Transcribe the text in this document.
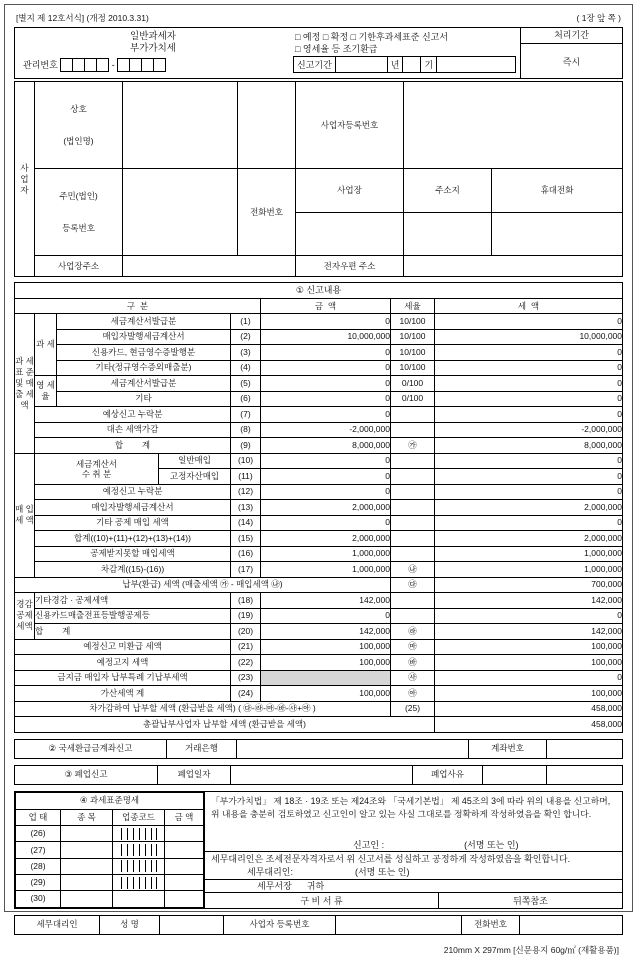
[별지 제 12호서식] (개정 2010.3.31)	( 1장 앞 쪽 )
일반과세자
부가가치세
관리번호	-
□ 예정 □ 확정 □ 기한후과세표준 신고서
□ 영세율 등 조기환급
신고기간	년	기
처리기간
즉시
사 업 자	상호

(법인명)			사업자등록번호		

	주민(법인)

등록번호		전화번호	사업장	주소지	휴대전화

	사업장주소			전자우편 주소		
① 신고내용							
구  분					금  액	세율	세  액
과 세 표 준 및 매 출 세 액	과 세	세금계산서발급분		(1)	0	10/100	0
		매입자발행세금계산서		(2)	10,000,000	10/100	10,000,000
		신용카드, 현금영수증발행분		(3)	0	10/100	0
		기타(정규영수증외매출분)		(4)	0	10/100	0
	영 세 율	세금계산서발급분		(5)	0	0/100	0
		기타		(6)	0	0/100	0
	예상신고 누락분			(7)	0		0
	대손 세액가감			(8)	-2,000,000		-2,000,000
	합        계			(9)	8,000,000	㉮	8,000,000
매 입 세 액	세금계산서
수 취 분		일반매입	(10)	0		0
			고정자산매입	(11)	0		0
	예정신고 누락분			(12)	0		0
	매입자발행세금계산서			(13)	2,000,000		2,000,000
	기타 공제 매입 세액			(14)	0		0
	합계((10)+(11)+(12)+(13)+(14))			(15)	2,000,000		2,000,000
	공제받지못할 매입세액			(16)	1,000,000		1,000,000
	차감계((15)-(16))			(17)	1,000,000	㉯	1,000,000
납부(환급) 세액 (매출세액 ㉮ - 매입세액 ㉯)						㉰	700,000
경감 공제 세액	기타경감 · 공제세액			(18)	142,000		142,000
	신용카드매출전표등발행공제등			(19)	0		0
	합        계			(20)	142,000	㉱	142,000
예정신고 미환급 세액				(21)	100,000	㉲	100,000
예정고지 세액				(22)	100,000	㉳	100,000
금지금 매입자 납부특례 기납부세액				(23)		㉴	0
가산세액 계				(24)	100,000	㉵	100,000
차가감하여 납부할 세액 (환급받을 세액) ( ㉰-㉱-㉲-㉳-㉴+㉵ )						(25)	458,000
총괄납부사업자 납부할 세액 (환급받을 세액)							458,000
② 국세환급금계좌신고	거래은행		계좌번호	
③ 폐업신고	폐업일자		폐업사유		
④ 과세표준명세			
업 태	종 목	업종코드	금 액
(26)		

(27)		

(28)		

(29)		

(30)			
「부가가치법」 제 18조 · 19조 또는 제24조와 「국세기본법」 제 45조의 3에 따라 위의 내용을 신고하며, 위 내용을 충분히 검토하였고 신고인이 알고 있는 사실 그대로를 정확하게 작성하였음을 확인 합니다.
신고인 :	(서명 또는 인)
세무대리인은 조세전문자격자로서 위 신고서를 성실하고 공정하게 작성하였음을 확인합니다.
세무대리인:	(서명 또는 인)
세무서장      귀하
구 비 서 류	뒤쪽참조
세무대리인	성 명		사업자 등록번호		전화번호	
210mm X 297mm [신문용지 60g/㎡ (재활용품)]
